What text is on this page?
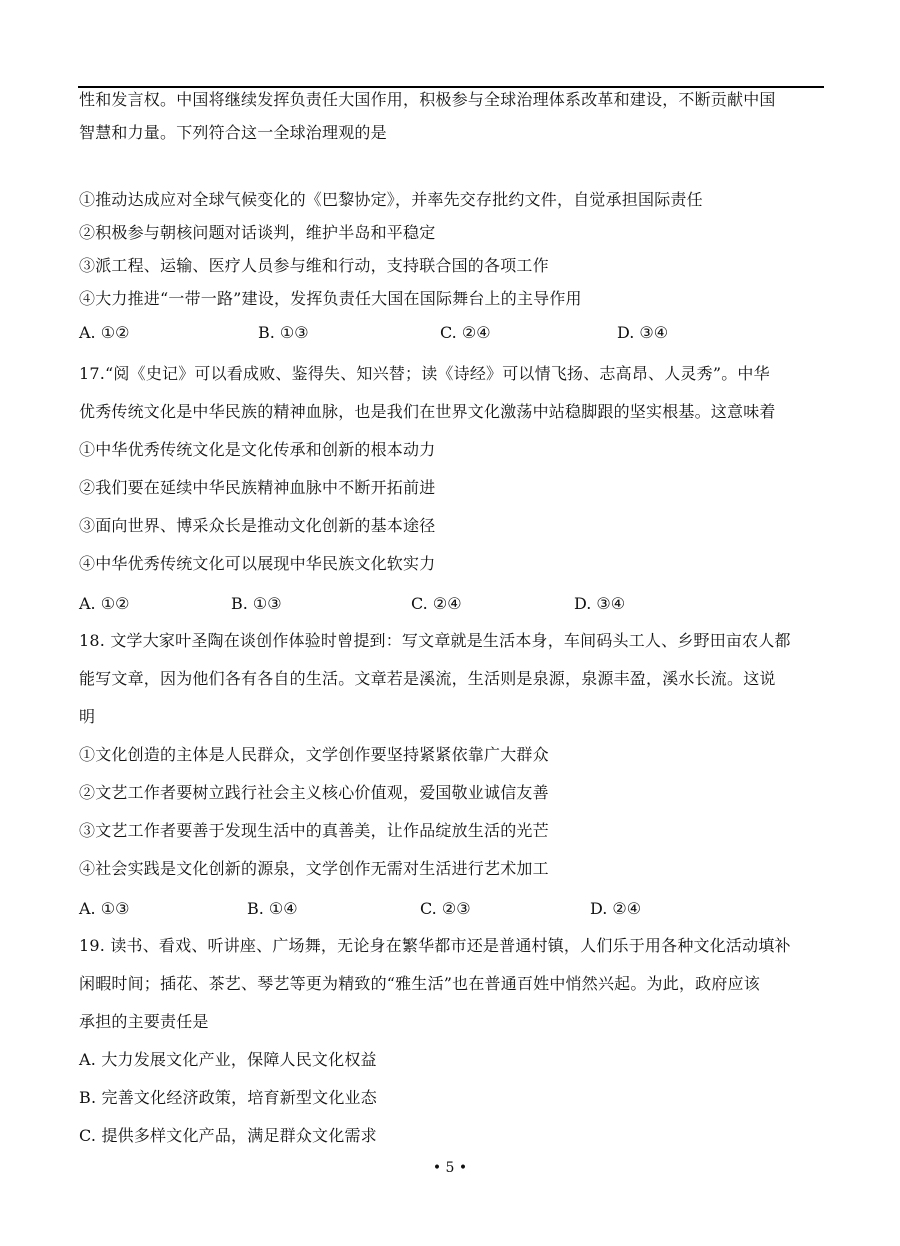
性和发言权。中国将继续发挥负责任大国作用，积极参与全球治理体系改革和建设，不断贡献中国
智慧和力量。下列符合这一全球治理观的是
①推动达成应对全球气候变化的《巴黎协定》，并率先交存批约文件，自觉承担国际责任
②积极参与朝核问题对话谈判，维护半岛和平稳定
③派工程、运输、医疗人员参与维和行动，支持联合国的各项工作
④大力推进“一带一路”建设，发挥负责任大国在国际舞台上的主导作用
A. ①②	B. ①③	C. ②④	D. ③④
17.“阅《史记》可以看成败、鉴得失、知兴替；读《诗经》可以情飞扬、志高昂、人灵秀”。中华
优秀传统文化是中华民族的精神血脉，也是我们在世界文化激荡中站稳脚跟的坚实根基。这意味着
①中华优秀传统文化是文化传承和创新的根本动力
②我们要在延续中华民族精神血脉中不断开拓前进
③面向世界、博采众长是推动文化创新的基本途径
④中华优秀传统文化可以展现中华民族文化软实力
A. ①②	B. ①③	C. ②④	D. ③④
18. 文学大家叶圣陶在谈创作体验时曾提到：写文章就是生活本身，车间码头工人、乡野田亩农人都
能写文章，因为他们各有各自的生活。文章若是溪流，生活则是泉源，泉源丰盈，溪水长流。这说
明
①文化创造的主体是人民群众，文学创作要坚持紧紧依靠广大群众
②文艺工作者要树立践行社会主义核心价值观，爱国敬业诚信友善
③文艺工作者要善于发现生活中的真善美，让作品绽放生活的光芒
④社会实践是文化创新的源泉，文学创作无需对生活进行艺术加工
A. ①③	B. ①④	C. ②③	D. ②④
19. 读书、看戏、听讲座、广场舞，无论身在繁华都市还是普通村镇，人们乐于用各种文化活动填补
闲暇时间；插花、茶艺、琴艺等更为精致的“雅生活”也在普通百姓中悄然兴起。为此，政府应该
承担的主要责任是
A. 大力发展文化产业，保障人民文化权益
B. 完善文化经济政策，培育新型文化业态
C. 提供多样文化产品，满足群众文化需求
• 5 •
